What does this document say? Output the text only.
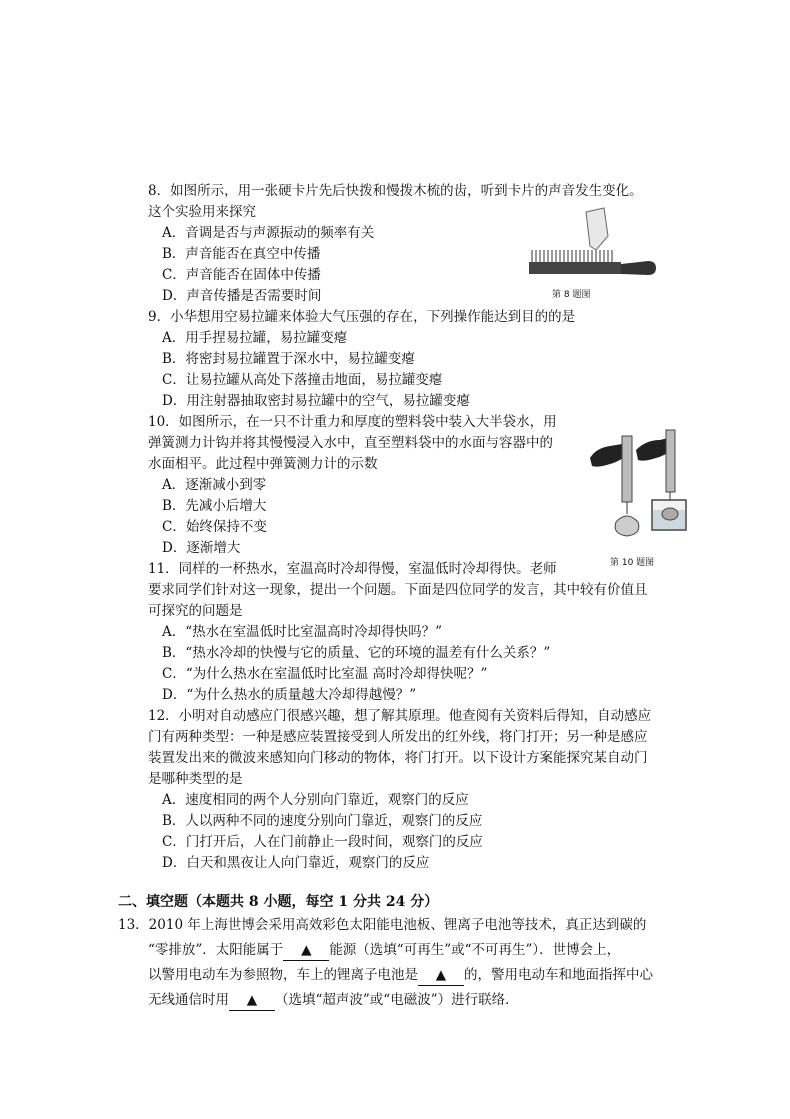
8．如图所示，用一张硬卡片先后快拨和慢拨木梳的齿，听到卡片的声音发生变化。
这个实验用来探究
A．音调是否与声源振动的频率有关
B．声音能否在真空中传播
C．声音能否在固体中传播
D．声音传播是否需要时间	第 8 题图
9．小华想用空易拉罐来体验大气压强的存在，下列操作能达到目的的是
A．用手捏易拉罐，易拉罐变瘪
B．将密封易拉罐置于深水中，易拉罐变瘪
C．让易拉罐从高处下落撞击地面，易拉罐变瘪
D．用注射器抽取密封易拉罐中的空气，易拉罐变瘪
10．如图所示，在一只不计重力和厚度的塑料袋中装入大半袋水，用
弹簧测力计钩并将其慢慢浸入水中，直至塑料袋中的水面与容器中的
水面相平。此过程中弹簧测力计的示数
A．逐渐减小到零
B．先减小后增大
C．始终保持不变
D．逐渐增大
第 10 题图
11．同样的一杯热水，室温高时冷却得慢，室温低时冷却得快。老师
要求同学们针对这一现象，提出一个问题。下面是四位同学的发言，其中较有价值且
可探究的问题是
A．“热水在室温低时比室温高时冷却得快吗？”
B．“热水冷却的快慢与它的质量、它的环境的温差有什么关系？”
C．“为什么热水在室温低时比室温 高时冷却得快呢？”
D．“为什么热水的质量越大冷却得越慢？”
12．小明对自动感应门很感兴趣，想了解其原理。他查阅有关资料后得知，自动感应
门有两种类型：一种是感应装置接受到人所发出的红外线，将门打开；另一种是感应
装置发出来的微波来感知向门移动的物体，将门打开。以下设计方案能探究某自动门
是哪种类型的是
A．速度相同的两个人分别向门靠近，观察门的反应
B．人以两种不同的速度分别向门靠近，观察门的反应
C．门打开后，人在门前静止一段时间，观察门的反应
D．白天和黑夜让人向门靠近，观察门的反应
二、填空题（本题共 8 小题，每空 1 分共 24 分）
13．2010 年上海世博会采用高效彩色太阳能电池板、锂离子电池等技术，真正达到碳的
“零排放”．太阳能属于 ▲ 能源（选填“可再生”或“不可再生”）．世博会上，
以警用电动车为参照物，车上的锂离子电池是 ▲ 的，警用电动车和地面指挥中心
无线通信时用 ▲ （选填“超声波”或“电磁波”）进行联络．
